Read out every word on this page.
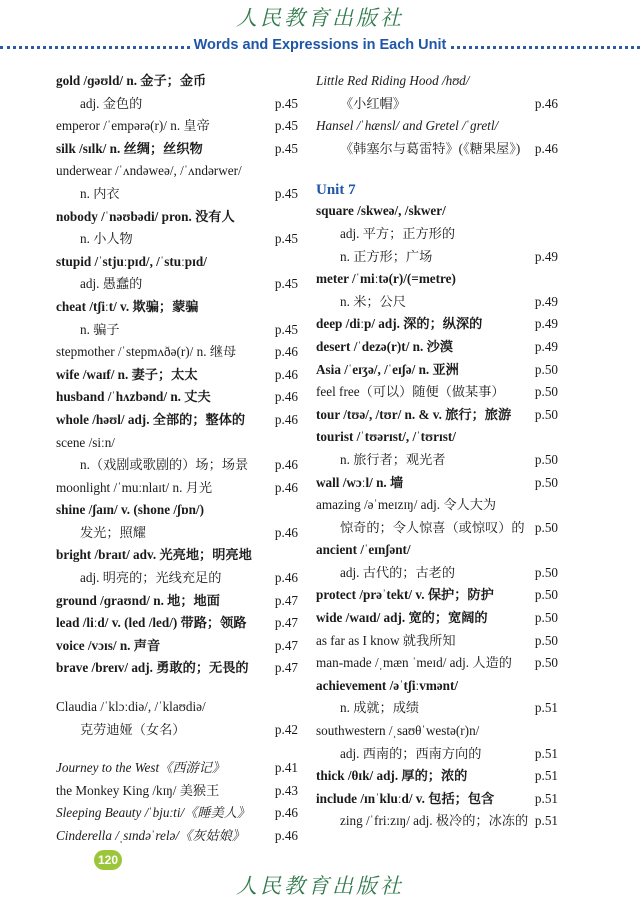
人民教育出版社
Words and Expressions in Each Unit
gold /ɡəʊld/ n. 金子；金币
adj. 金色的	p.45
emperor /ˈempərə(r)/ n. 皇帝	p.45
silk /sɪlk/ n. 丝绸；丝织物	p.45
underwear /ˈʌndəweə/, /ˈʌndərwer/
n. 内衣	p.45
nobody /ˈnəʊbədi/ pron. 没有人
n. 小人物	p.45
stupid /ˈstjuːpɪd/, /ˈstuːpɪd/
adj. 愚蠢的	p.45
cheat /tʃiːt/ v. 欺骗；蒙骗
n. 骗子	p.45
stepmother /ˈstepmʌðə(r)/ n. 继母	p.46
wife /waɪf/ n. 妻子；太太	p.46
husband /ˈhʌzbənd/ n. 丈夫	p.46
whole /həʊl/ adj. 全部的；整体的 p.46
scene /siːn/
n.（戏剧或歌剧的）场；场景 p.46
moonlight /ˈmuːnlaɪt/ n. 月光	p.46
shine /ʃaɪn/ v. (shone /ʃɒn/)
发光；照耀	p.46
bright /braɪt/ adv. 光亮地；明亮地
adj. 明亮的；光线充足的	p.46
ground /ɡraʊnd/ n. 地；地面	p.47
lead /liːd/ v. (led /led/) 带路；领路 p.47
voice /vɔɪs/ n. 声音	p.47
brave /breɪv/ adj. 勇敢的；无畏的 p.47
Claudia /ˈklɔːdiə/, /ˈklaʊdiə/
克劳迪娅（女名）	p.42
Journey to the West《西游记》	p.41
the Monkey King /kɪŋ/ 美猴王	p.43
Sleeping Beauty /ˈbjuːti/《睡美人》 p.46
Cinderella /ˌsɪndəˈrelə/《灰姑娘》 p.46
Little Red Riding Hood /hʊd/
《小红帽》	p.46
Hansel /ˈhænsl/ and Gretel /ˈɡretl/
《韩塞尔与葛雷特》(《糖果屋》) p.46
Unit 7
square /skweə/, /skwer/
adj. 平方；正方形的
n. 正方形；广场	p.49
meter /ˈmiːtə(r)/(=metre)
n. 米；公尺	p.49
deep /diːp/ adj. 深的；纵深的	p.49
desert /ˈdezə(r)t/ n. 沙漠	p.49
Asia /ˈeɪʒə/, /ˈeɪʃə/ n. 亚洲	p.50
feel free（可以）随便（做某事） p.50
tour /tʊə/, /tʊr/ n. & v. 旅行；旅游 p.50
tourist /ˈtʊərɪst/, /ˈtʊrɪst/
n. 旅行者；观光者	p.50
wall /wɔːl/ n. 墙	p.50
amazing /əˈmeɪzɪŋ/ adj. 令人大为
惊奇的；令人惊喜（或惊叹）的 p.50
ancient /ˈeɪnʃənt/
adj. 古代的；古老的	p.50
protect /prəˈtekt/ v. 保护；防护	p.50
wide /waɪd/ adj. 宽的；宽阔的	p.50
as far as I know 就我所知	p.50
man-made /ˌmæn ˈmeɪd/ adj. 人造的 p.50
achievement /əˈtʃiːvmənt/
n. 成就；成绩	p.51
southwestern /ˌsaʊθˈwestə(r)n/
adj. 西南的；西南方向的	p.51
thick /θɪk/ adj. 厚的；浓的	p.51
include /ɪnˈkluːd/ v. 包括；包含	p.51
zing /ˈfriːzɪŋ/ adj. 极冷的；冰冻的 p.51
120
人民教育出版社
